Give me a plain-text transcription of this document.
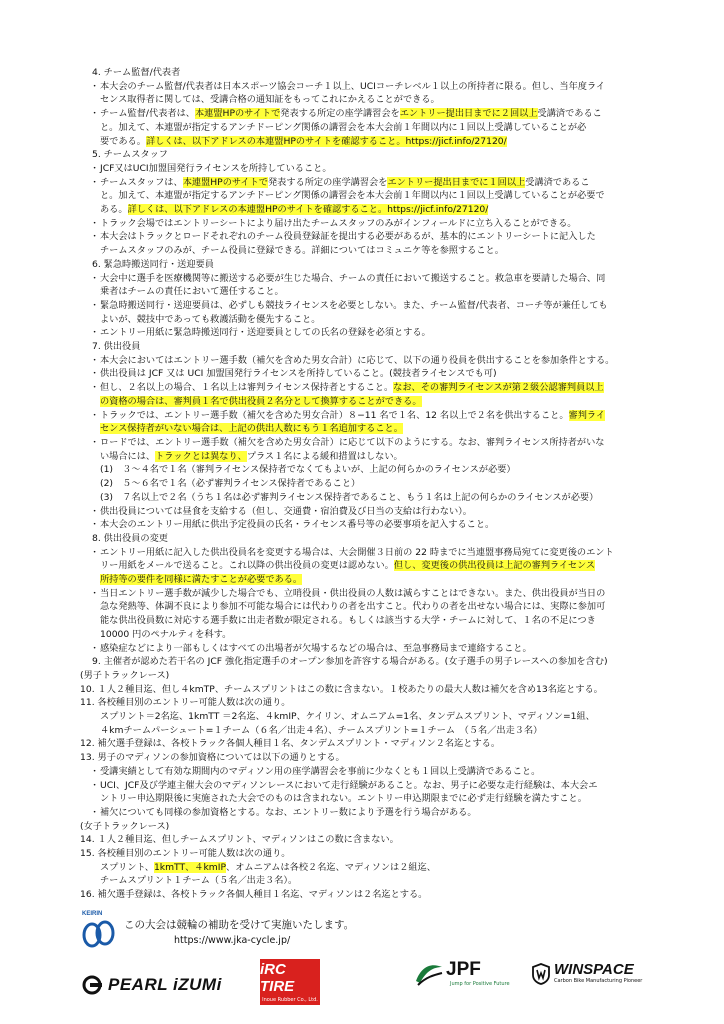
4. チーム監督/代表者
・ 本大会のチーム監督/代表者は日本スポーツ協会コーチ１以上、UCIコーチレベル１以上の所持者に限る。但し、当年度ライ
センス取得者に関しては、受講合格の通知証をもってこれにかえることができる。
・ チーム監督/代表者は、本連盟HPのサイトで発表する所定の座学講習会をエントリー提出日までに２回以上受講済であるこ
と。加えて、本連盟が指定するアンチドーピング関係の講習会を本大会前１年間以内に１回以上受講していることが必
要である。詳しくは、以下アドレスの本連盟HPのサイトを確認すること。https://jicf.info/27120/
5. チームスタッフ
・ JCF又はUCI加盟国発行ライセンスを所持していること。
・ チームスタッフは、本連盟HPのサイトで発表する所定の座学講習会をエントリー提出日までに１回以上受講済であるこ
と。加えて、本連盟が指定するアンチドーピング関係の講習会を本大会前１年間以内に１回以上受講していることが必要で
ある。詳しくは、以下アドレスの本連盟HPのサイトを確認すること。https://jicf.info/27120/
・ トラック会場ではエントリーシートにより届け出たチームスタッフのみがインフィールドに立ち入ることができる。
・ 本大会はトラックとロードそれぞれのチーム役員登録証を提出する必要があるが、基本的にエントリーシートに記入した
チームスタッフのみが、チーム役員に登録できる。詳細についてはコミュニケ等を参照すること。
6. 緊急時搬送同行・送迎要員
・ 大会中に選手を医療機関等に搬送する必要が生じた場合、チームの責任において搬送すること。救急車を要請した場合、同
乗者はチームの責任において選任すること。
・ 緊急時搬送同行・送迎要員は、必ずしも競技ライセンスを必要としない。また、チーム監督/代表者、コーチ等が兼任しても
よいが、競技中であっても救護活動を優先すること。
・ エントリー用紙に緊急時搬送同行・送迎要員としての氏名の登録を必須とする。
7. 供出役員
・ 本大会においてはエントリー選手数（補欠を含めた男女合計）に応じて、以下の通り役員を供出することを参加条件とする。
・ 供出役員は JCF 又は UCI 加盟国発行ライセンスを所持していること。(競技者ライセンスでも可)
・ 但し、２名以上の場合、１名以上は審判ライセンス保持者とすること。なお、その審判ライセンスが第２級公認審判員以上
の資格の場合は、審判員１名で供出役員２名分として換算することができる。
・ トラックでは、エントリー選手数（補欠を含めた男女合計）８−11 名で１名、12 名以上で２名を供出すること。審判ライ
センス保持者がいない場合は、上記の供出人数にもう１名追加すること。
・ ロードでは、エントリー選手数（補欠を含めた男女合計）に応じて以下のようにする。なお、審判ライセンス所持者がいな
い場合には、トラックとは異なり、プラス１名による緩和措置はしない。
(1)　３〜４名で１名（審判ライセンス保持者でなくてもよいが、上記の何らかのライセンスが必要）
(2)　５〜６名で１名（必ず審判ライセンス保持者であること）
(3)　７名以上で２名（うち１名は必ず審判ライセンス保持者であること、もう１名は上記の何らかのライセンスが必要）
・ 供出役員については昼食を支給する（但し、交通費・宿泊費及び日当の支給は行わない）。
・ 本大会のエントリー用紙に供出予定役員の氏名・ライセンス番号等の必要事項を記入すること。
8. 供出役員の変更
・ エントリー用紙に記入した供出役員名を変更する場合は、大会開催３日前の 22 時までに当連盟事務局宛てに変更後のエント
リー用紙をメールで送ること。これ以降の供出役員の変更は認めない。但し、変更後の供出役員は上記の審判ライセンス
所持等の要件を同様に満たすことが必要である。
・ 当日エントリー選手数が減少した場合でも、立哨役員・供出役員の人数は減らすことはできない。また、供出役員が当日の
急な発熱等、体調不良により参加不可能な場合には代わりの者を出すこと。代わりの者を出せない場合には、実際に参加可
能な供出役員数に対応する選手数に出走者数が限定される。もしくは該当する大学・チームに対して、１名の不足につき
10000 円のペナルティを科す。
・ 感染症などにより一部もしくはすべての出場者が欠場するなどの場合は、至急事務局まで連絡すること。
9. 主催者が認めた若干名の JCF 強化指定選手のオープン参加を許容する場合がある。(女子選手の男子レースへの参加を含む)
(男子トラックレース)
10. １人２種目迄、但し４kmTP、チームスプリントはこの数に含まない。１校あたりの最大人数は補欠を含め13名迄とする。
11. 各校種目別のエントリー可能人数は次の通り。
スプリント＝2名迄、1kmTT ＝2名迄、４kmIP、ケイリン、オムニアム=1名、タンデムスプリント、マディソン=1組、
４kmチームパーシュート=１チーム（６名／出走４名）、チームスプリント=１チーム　（５名／出走３名）
12. 補欠選手登録は、各校トラック各個人種目１名、タンデムスプリント・マディソン２名迄とする。
13. 男子のマディソンの参加資格については以下の通りとする。
・ 受講実績として有効な期間内のマディソン用の座学講習会を事前に少なくとも１回以上受講済であること。
・ UCI、JCF及び学連主催大会のマディソンレースにおいて走行経験があること。なお、男子に必要な走行経験は、本大会エ
ントリー申込期限後に実施された大会でのものは含まれない。エントリー申込期限までに必ず走行経験を満たすこと。
・ 補欠についても同様の参加資格とする。なお、エントリー数により予選を行う場合がある。
(女子トラックレース)
14. １人２種目迄、但しチームスプリント、マディソンはこの数に含まない。
15. 各校種目別のエントリー可能人数は次の通り。
スプリント、1kmTT、４kmIP、オムニアムは各校２名迄、マディソンは２組迄、
チームスプリント１チーム（５名／出走３名）。
16. 補欠選手登録は、各校トラック各個人種目１名迄、マディソンは２名迄とする。
KEIRIN
この大会は競輪の補助を受けて実施いたします。
https://www.jka-cycle.jp/
PEARL iZUMi
iRC TIRE
Inoue Rubber Co., Ltd.
JPF
Jump for Positive Future
WINSPACE
Carbon Bike Manufacturing Pioneer
